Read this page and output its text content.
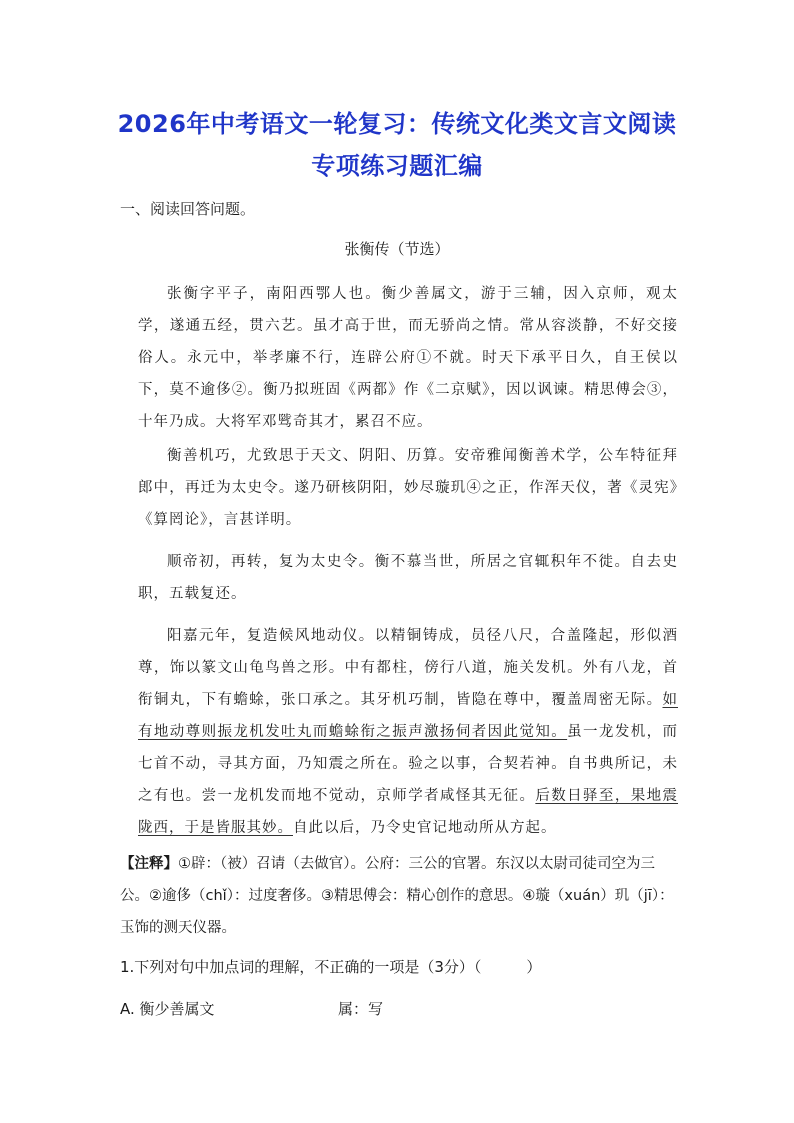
2026年中考语文一轮复习：传统文化类文言文阅读
专项练习题汇编
一、阅读回答问题。
张衡传（节选）
张衡字平子，南阳西鄂人也。衡少善属文，游于三辅，因入京师，观太学，遂通五经，贯六艺。虽才高于世，而无骄尚之情。常从容淡静，不好交接俗人。永元中，举孝廉不行，连辟公府①不就。时天下承平日久，自王侯以下，莫不逾侈②。衡乃拟班固《两都》作《二京赋》，因以讽谏。精思傅会③，十年乃成。大将军邓骘奇其才，累召不应。
衡善机巧，尤致思于天文、阴阳、历算。安帝雅闻衡善术学，公车特征拜郎中，再迁为太史令。遂乃研核阴阳，妙尽璇玑④之正，作浑天仪，著《灵宪》《算罔论》，言甚详明。
顺帝初，再转，复为太史令。衡不慕当世，所居之官辄积年不徙。自去史职，五载复还。
阳嘉元年，复造候风地动仪。以精铜铸成，员径八尺，合盖隆起，形似酒尊，饰以篆文山龟鸟兽之形。中有都柱，傍行八道，施关发机。外有八龙，首衔铜丸，下有蟾蜍，张口承之。其牙机巧制，皆隐在尊中，覆盖周密无际。如有地动尊则振龙机发吐丸而蟾蜍衔之振声激扬伺者因此觉知。虽一龙发机，而七首不动，寻其方面，乃知震之所在。验之以事，合契若神。自书典所记，未之有也。尝一龙机发而地不觉动，京师学者咸怪其无征。后数日驿至，果地震陇西，于是皆服其妙。自此以后，乃令史官记地动所从方起。
【注释】①辟：（被）召请（去做官）。公府：三公的官署。东汉以太尉司徒司空为三公。②逾侈（chǐ）：过度奢侈。③精思傅会：精心创作的意思。④璇（xuán）玑（jī）：玉饰的测天仪器。
1.下列对句中加点词的理解，不正确的一项是（3分）（　　　）
A. 衡少善属文	属：写
